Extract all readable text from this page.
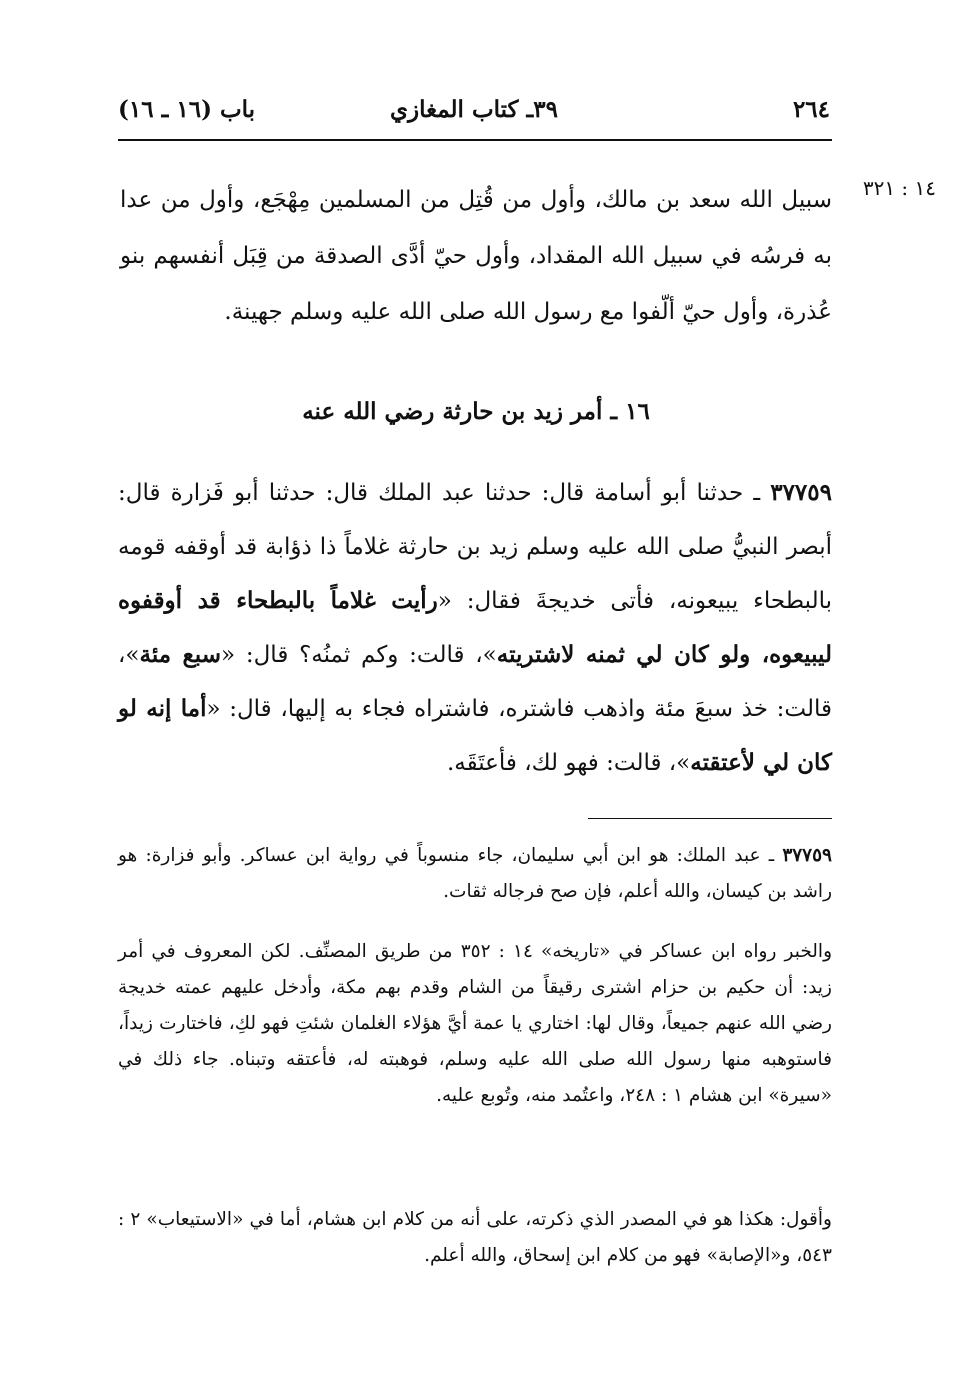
٢٦٤
٣٩ـ كتاب المغازي
باب (١٦ ـ ١٦)
١٤ : ٣٢١

سبيل الله سعد بن مالك، وأول من قُتِل من المسلمين مِهْجَع، وأول من عدا به فرسُه في سبيل الله المقداد، وأول حيّ أدَّى الصدقة من قِبَل أنفسهم بنو عُذرة، وأول حيّ ألّفوا مع رسول الله صلى الله عليه وسلم جهينة.

١٦ ـ أمر زيد بن حارثة رضي الله عنه

٣٧٧٥٩ ـ حدثنا أبو أسامة قال: حدثنا عبد الملك قال: حدثنا أبو فَزارة قال: أبصر النبيُّ صلى الله عليه وسلم زيد بن حارثة غلاماً ذا ذؤابة قد أوقفه قومه بالبطحاء يبيعونه، فأتى خديجةَ فقال: «رأيت غلاماً بالبطحاء قد أوقفوه ليبيعوه، ولو كان لي ثمنه لاشتريته»، قالت: وكم ثمنُه؟ قال: «سبع مئة»، قالت: خذ سبعَ مئة واذهب فاشتره، فاشتراه فجاء به إليها، قال: «أما إنه لو كان لي لأعتقته»، قالت: فهو لك، فأعتَقَه.

٣٧٧٥٩ ـ عبد الملك: هو ابن أبي سليمان، جاء منسوباً في رواية ابن عساكر. وأبو فزارة: هو راشد بن كيسان، والله أعلم، فإن صح فرجاله ثقات.

والخبر رواه ابن عساكر في «تاريخه» ١٤ : ٣٥٢ من طريق المصنِّف. لكن المعروف في أمر زيد: أن حكيم بن حزام اشترى رقيقاً من الشام وقدم بهم مكة، وأدخل عليهم عمته خديجة رضي الله عنهم جميعاً، وقال لها: اختاري يا عمة أيَّ هؤلاء الغلمان شئتِ فهو لكِ، فاختارت زيداً، فاستوهبه منها رسول الله صلى الله عليه وسلم، فوهبته له، فأعتقه وتبناه. جاء ذلك في «سيرة» ابن هشام ١ : ٢٤٨، واعتُمد منه، وتُوبع عليه.

وأقول: هكذا هو في المصدر الذي ذكرته، على أنه من كلام ابن هشام، أما في «الاستيعاب» ٢ : ٥٤٣، و«الإصابة» فهو من كلام ابن إسحاق، والله أعلم.
